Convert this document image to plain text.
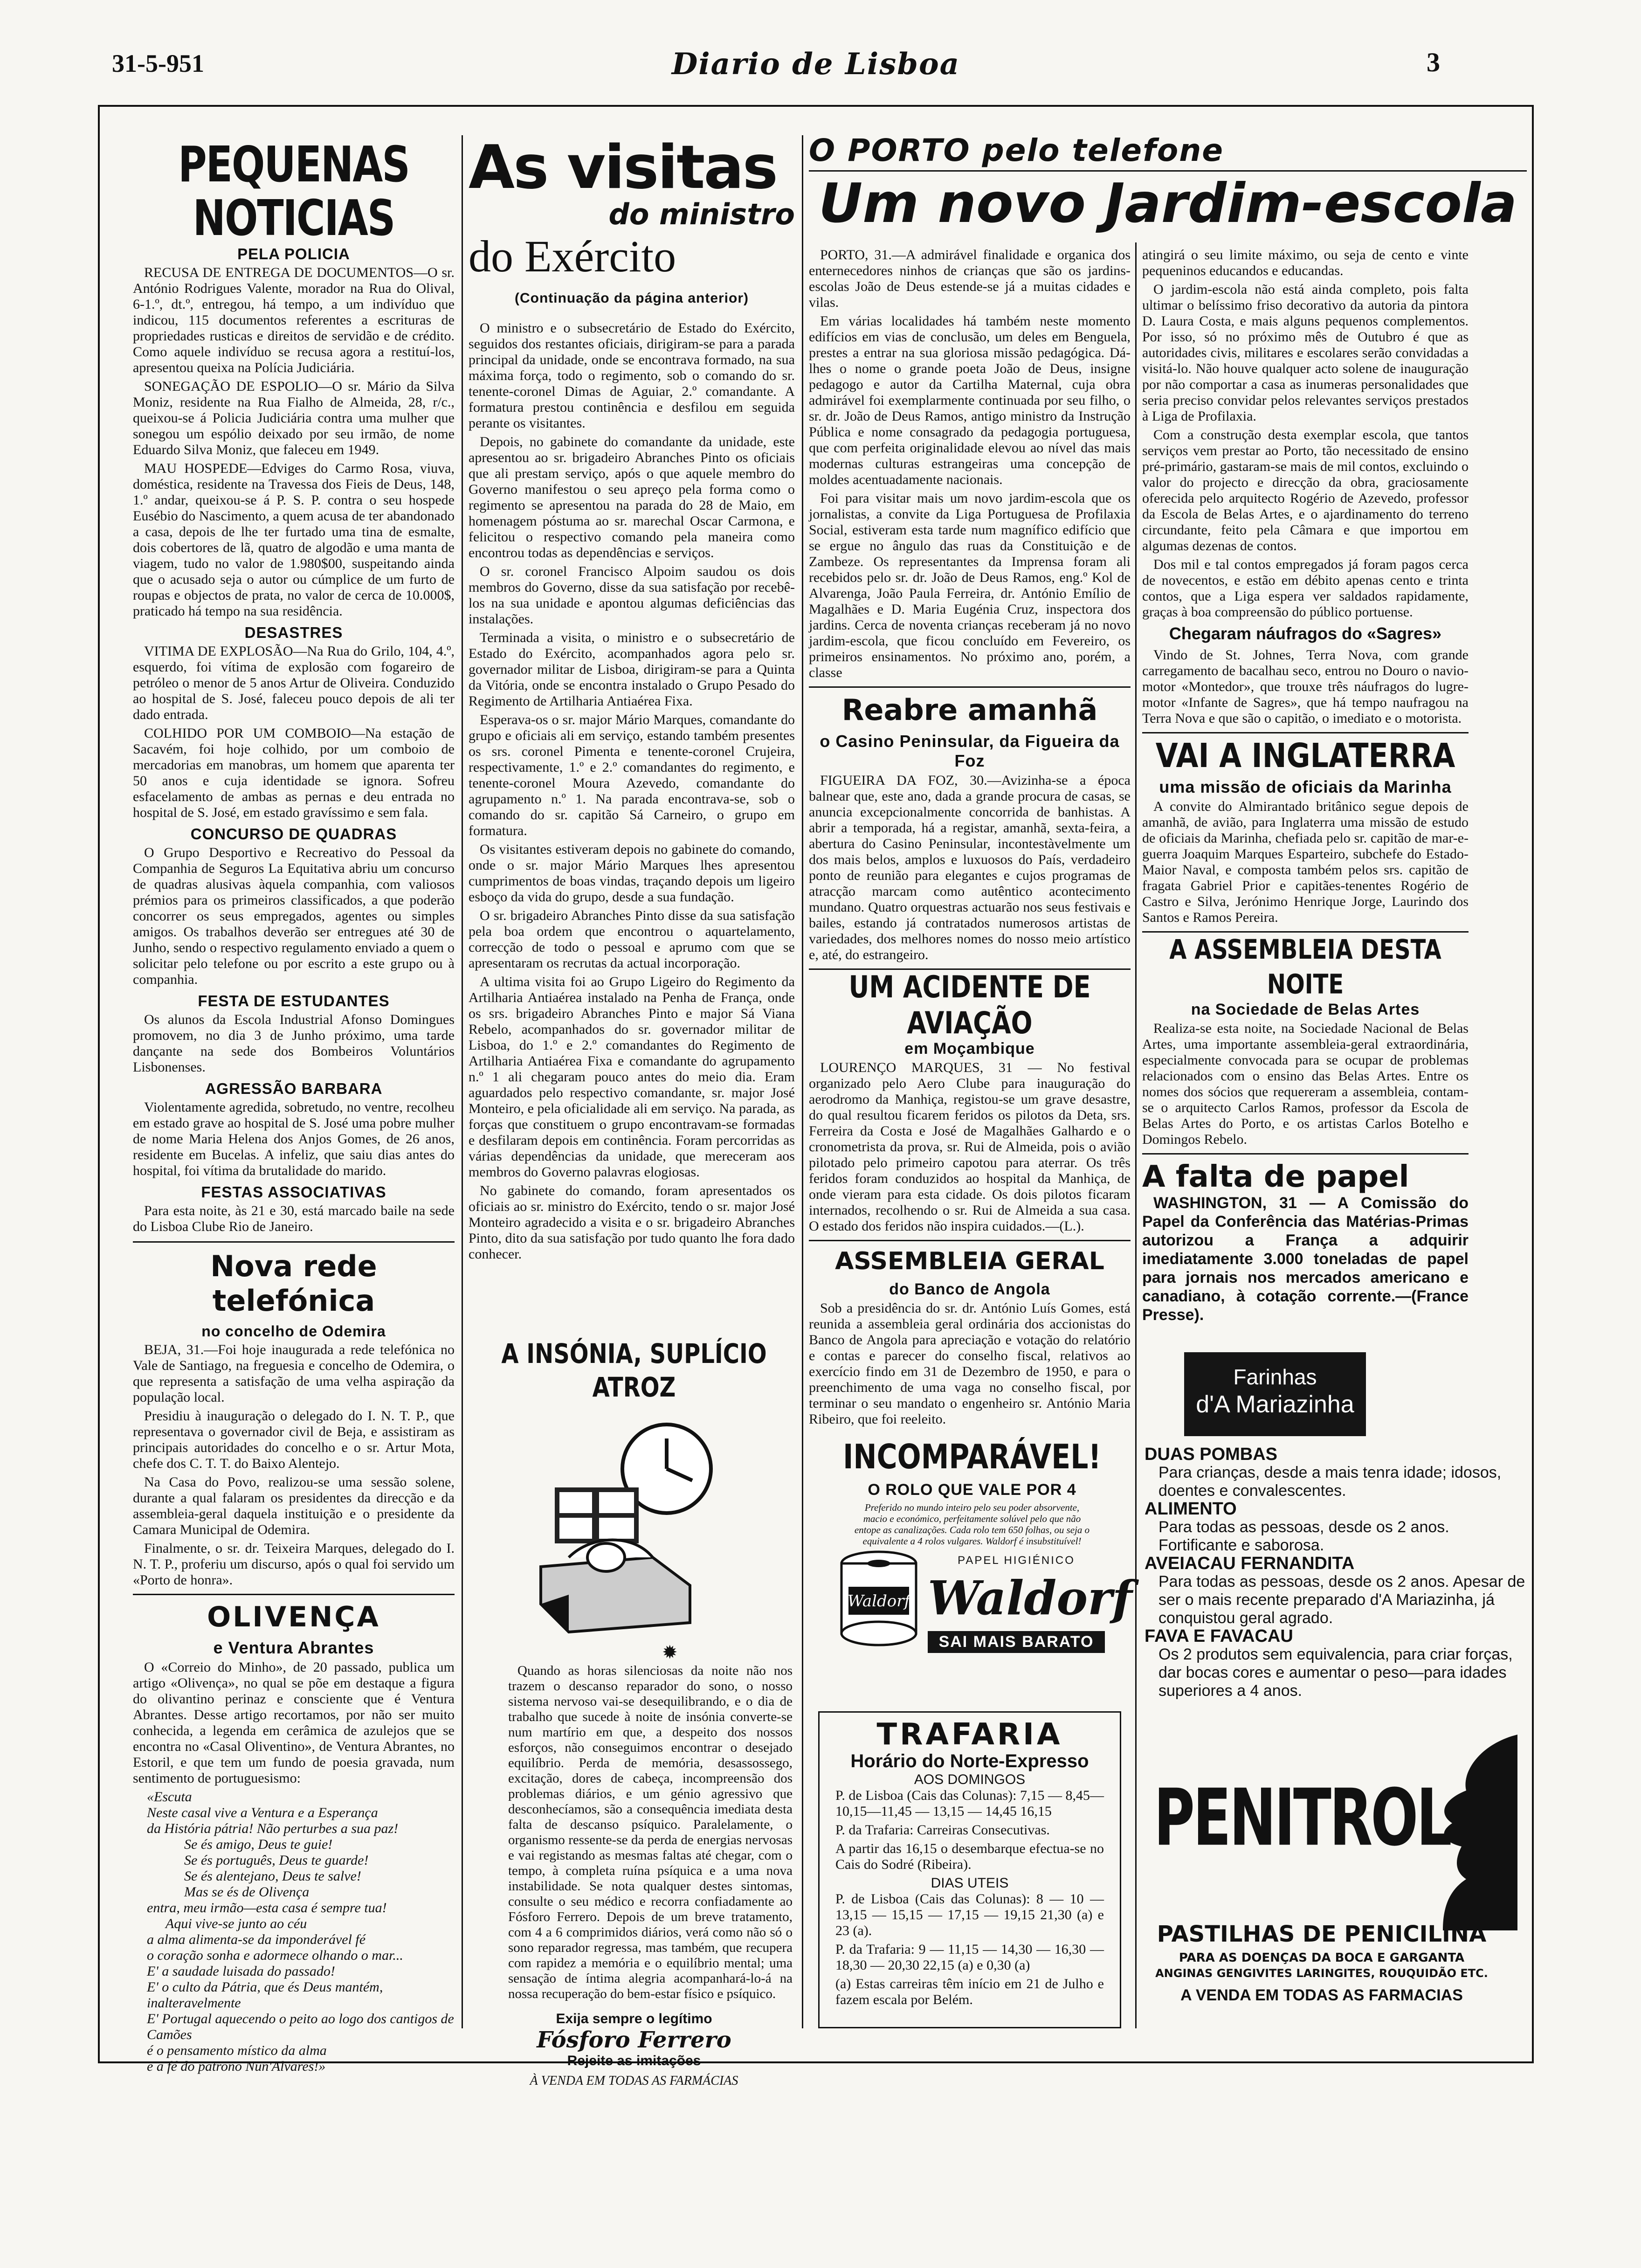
31-5-951	Diario de Lisboa	3
PEQUENAS NOTICIAS
PELA POLICIA

RECUSA DE ENTREGA DE DOCUMENTOS—O sr. António Rodrigues Valente, morador na Rua do Olival, 6-1.º, dt.º, entregou, há tempo, a um indivíduo que indicou, 115 documentos referentes a escrituras de propriedades rusticas e direitos de servidão e de crédito. Como aquele indivíduo se recusa agora a restituí-los, apresentou queixa na Polícia Judiciária.

SONEGAÇÃO DE ESPOLIO—O sr. Mário da Silva Moniz, residente na Rua Fialho de Almeida, 28, r/c., queixou-se á Policia Judiciária contra uma mulher que sonegou um espólio deixado por seu irmão, de nome Eduardo Silva Moniz, que faleceu em 1949.

MAU HOSPEDE—Edviges do Carmo Rosa, viuva, doméstica, residente na Travessa dos Fieis de Deus, 148, 1.º andar, queixou-se á P. S. P. contra o seu hospede Eusébio do Nascimento, a quem acusa de ter abandonado a casa, depois de lhe ter furtado uma tina de esmalte, dois cobertores de lã, quatro de algodão e uma manta de viagem, tudo no valor de 1.980$00, suspeitando ainda que o acusado seja o autor ou cúmplice de um furto de roupas e objectos de prata, no valor de cerca de 10.000$, praticado há tempo na sua residência.

DESASTRES

VITIMA DE EXPLOSÃO—Na Rua do Grilo, 104, 4.º, esquerdo, foi vítima de explosão com fogareiro de petróleo o menor de 5 anos Artur de Oliveira. Conduzido ao hospital de S. José, faleceu pouco depois de ali ter dado entrada.

COLHIDO POR UM COMBOIO—Na estação de Sacavém, foi hoje colhido, por um comboio de mercadorias em manobras, um homem que aparenta ter 50 anos e cuja identidade se ignora. Sofreu esfacelamento de ambas as pernas e deu entrada no hospital de S. José, em estado gravíssimo e sem fala.

CONCURSO DE QUADRAS

O Grupo Desportivo e Recreativo do Pessoal da Companhia de Seguros La Equitativa abriu um concurso de quadras alusivas àquela companhia, com valiosos prémios para os primeiros classificados, a que poderão concorrer os seus empregados, agentes ou simples amigos. Os trabalhos deverão ser entregues até 30 de Junho, sendo o respectivo regulamento enviado a quem o solicitar pelo telefone ou por escrito a este grupo ou à companhia.

FESTA DE ESTUDANTES

Os alunos da Escola Industrial Afonso Domingues promovem, no dia 3 de Junho próximo, uma tarde dançante na sede dos Bombeiros Voluntários Lisbonenses.

AGRESSÃO BARBARA

Violentamente agredida, sobretudo, no ventre, recolheu em estado grave ao hospital de S. José uma pobre mulher de nome Maria Helena dos Anjos Gomes, de 26 anos, residente em Bucelas. A infeliz, que saiu dias antes do hospital, foi vítima da brutalidade do marido.

FESTAS ASSOCIATIVAS

Para esta noite, às 21 e 30, está marcado baile na sede do Lisboa Clube Rio de Janeiro.

Nova rede telefónica
no concelho de Odemira

BEJA, 31.—Foi hoje inaugurada a rede telefónica no Vale de Santiago, na freguesia e concelho de Odemira, o que representa a satisfação de uma velha aspiração da população local.

Presidiu à inauguração o delegado do I. N. T. P., que representava o governador civil de Beja, e assistiram as principais autoridades do concelho e o sr. Artur Mota, chefe dos C. T. T. do Baixo Alentejo.

Na Casa do Povo, realizou-se uma sessão solene, durante a qual falaram os presidentes da direcção e da assembleia-geral daquela instituição e o presidente da Camara Municipal de Odemira.

Finalmente, o sr. dr. Teixeira Marques, delegado do I. N. T. P., proferiu um discurso, após o qual foi servido um «Porto de honra».

OLIVENÇA
e Ventura Abrantes

O «Correio do Minho», de 20 passado, publica um artigo «Olivença», no qual se põe em destaque a figura do olivantino perinaz e consciente que é Ventura Abrantes. Desse artigo recortamos, por não ser muito conhecida, a legenda em cerâmica de azulejos que se encontra no «Casal Oliventino», de Ventura Abrantes, no Estoril, e que tem um fundo de poesia gravada, num sentimento de portuguesismo:

«Escuta

Neste casal vive a Ventura e a Esperança

da História pátria! Não perturbes a sua paz!

Se és amigo, Deus te guie!

Se és português, Deus te guarde!

Se és alentejano, Deus te salve!

Mas se és de Olivença

entra, meu irmão—esta casa é sempre tua!

Aqui vive-se junto ao céu

a alma alimenta-se da imponderável fé

o coração sonha e adormece olhando o mar...

E' a saudade luisada do passado!

E' o culto da Pátria, que és Deus mantém, inalteravelmente

E' Portugal aquecendo o peito ao logo dos cantigos de Camões

é o pensamento místico da alma

e a fé do patrono Nun'Alvares!»

As visitas
do ministro
do Exército
(Continuação da página anterior)

O ministro e o subsecretário de Estado do Exército, seguidos dos restantes oficiais, dirigiram-se para a parada principal da unidade, onde se encontrava formado, na sua máxima força, todo o regimento, sob o comando do sr. tenente-coronel Dimas de Aguiar, 2.º comandante. A formatura prestou continência e desfilou em seguida perante os visitantes.

Depois, no gabinete do comandante da unidade, este apresentou ao sr. brigadeiro Abranches Pinto os oficiais que ali prestam serviço, após o que aquele membro do Governo manifestou o seu apreço pela forma como o regimento se apresentou na parada do 28 de Maio, em homenagem póstuma ao sr. marechal Oscar Carmona, e felicitou o respectivo comando pela maneira como encontrou todas as dependências e serviços.

O sr. coronel Francisco Alpoim saudou os dois membros do Governo, disse da sua satisfação por recebê-los na sua unidade e apontou algumas deficiências das instalações.

Terminada a visita, o ministro e o subsecretário de Estado do Exército, acompanhados agora pelo sr. governador militar de Lisboa, dirigiram-se para a Quinta da Vitória, onde se encontra instalado o Grupo Pesado do Regimento de Artilharia Antiaérea Fixa.

Esperava-os o sr. major Mário Marques, comandante do grupo e oficiais ali em serviço, estando também presentes os srs. coronel Pimenta e tenente-coronel Crujeira, respectivamente, 1.º e 2.º comandantes do regimento, e tenente-coronel Moura Azevedo, comandante do agrupamento n.º 1. Na parada encontrava-se, sob o comando do sr. capitão Sá Carneiro, o grupo em formatura.

Os visitantes estiveram depois no gabinete do comando, onde o sr. major Mário Marques lhes apresentou cumprimentos de boas vindas, traçando depois um ligeiro esboço da vida do grupo, desde a sua fundação.

O sr. brigadeiro Abranches Pinto disse da sua satisfação pela boa ordem que encontrou o aquartelamento, correcção de todo o pessoal e aprumo com que se apresentaram os recrutas da actual incorporação.

A ultima visita foi ao Grupo Ligeiro do Regimento da Artilharia Antiaérea instalado na Penha de França, onde os srs. brigadeiro Abranches Pinto e major Sá Viana Rebelo, acompanhados do sr. governador militar de Lisboa, do 1.º e 2.º comandantes do Regimento de Artilharia Antiaérea Fixa e comandante do agrupamento n.º 1 ali chegaram pouco antes do meio dia. Eram aguardados pelo respectivo comandante, sr. major José Monteiro, e pela oficialidade ali em serviço. Na parada, as forças que constituem o grupo encontravam-se formadas e desfilaram depois em continência. Foram percorridas as várias dependências da unidade, que mereceram aos membros do Governo palavras elogiosas.

No gabinete do comando, foram apresentados os oficiais ao sr. ministro do Exército, tendo o sr. major José Monteiro agradecido a visita e o sr. brigadeiro Abranches Pinto, dito da sua satisfação por tudo quanto lhe fora dado conhecer.

A INSÓNIA, SUPLÍCIO ATROZ
✹

Quando as horas silenciosas da noite não nos trazem o descanso reparador do sono, o nosso sistema nervoso vai-se desequilibrando, e o dia de trabalho que sucede à noite de insónia converte-se num martírio em que, a despeito dos nossos esforços, não conseguimos encontrar o desejado equilíbrio. Perda de memória, desassossego, excitação, dores de cabeça, incompreensão dos problemas diários, e um génio agressivo que desconhecíamos, são a consequência imediata desta falta de descanso psíquico. Paralelamente, o organismo ressente-se da perda de energias nervosas e vai registando as mesmas faltas até chegar, com o tempo, à completa ruína psíquica e a uma nova instabilidade. Se nota qualquer destes sintomas, consulte o seu médico e recorra confiadamente ao Fósforo Ferrero. Depois de um breve tratamento, com 4 a 6 comprimidos diários, verá como não só o sono reparador regressa, mas também, que recupera com rapidez a memória e o equilíbrio mental; uma sensação de íntima alegria acompanhará-lo-á na nossa recuperação do bem-estar físico e psíquico.

Exija sempre o legítimo
Fósforo Ferrero
Rejeite as imitações
À VENDA EM TODAS AS FARMÁCIAS
O PORTO pelo telefone
Um novo Jardim-escola

PORTO, 31.—A admirável finalidade e organica dos enternecedores ninhos de crianças que são os jardins-escolas João de Deus estende-se já a muitas cidades e vilas.

Em várias localidades há também neste momento edifícios em vias de conclusão, um deles em Benguela, prestes a entrar na sua gloriosa missão pedagógica. Dá-lhes o nome o grande poeta João de Deus, insigne pedagogo e autor da Cartilha Maternal, cuja obra admirável foi exemplarmente continuada por seu filho, o sr. dr. João de Deus Ramos, antigo ministro da Instrução Pública e nome consagrado da pedagogia portuguesa, que com perfeita originalidade elevou ao nível das mais modernas culturas estrangeiras uma concepção de moldes acentuadamente nacionais.

Foi para visitar mais um novo jardim-escola que os jornalistas, a convite da Liga Portuguesa de Profilaxia Social, estiveram esta tarde num magnífico edifício que se ergue no ângulo das ruas da Constituição e de Zambeze. Os representantes da Imprensa foram ali recebidos pelo sr. dr. João de Deus Ramos, eng.º Kol de Alvarenga, João Paula Ferreira, dr. António Emílio de Magalhães e D. Maria Eugénia Cruz, inspectora dos jardins. Cerca de noventa crianças receberam já no novo jardim-escola, que ficou concluído em Fevereiro, os primeiros ensinamentos. No próximo ano, porém, a classe

Reabre amanhã
o Casino Peninsular, da Figueira da Foz

FIGUEIRA DA FOZ, 30.—Avizinha-se a época balnear que, este ano, dada a grande procura de casas, se anuncia excepcionalmente concorrida de banhistas. A abrir a temporada, há a registar, amanhã, sexta-feira, a abertura do Casino Peninsular, incontestàvelmente um dos mais belos, amplos e luxuosos do País, verdadeiro ponto de reunião para elegantes e cujos programas de atracção marcam como autêntico acontecimento mundano. Quatro orquestras actuarão nos seus festivais e bailes, estando já contratados numerosos artistas de variedades, dos melhores nomes do nosso meio artístico e, até, do estrangeiro.

UM ACIDENTE DE AVIAÇÃO
em Moçambique

LOURENÇO MARQUES, 31 — No festival organizado pelo Aero Clube para inauguração do aerodromo da Manhiça, registou-se um grave desastre, do qual resultou ficarem feridos os pilotos da Deta, srs. Ferreira da Costa e José de Magalhães Galhardo e o cronometrista da prova, sr. Rui de Almeida, pois o avião pilotado pelo primeiro capotou para aterrar. Os três feridos foram conduzidos ao hospital da Manhiça, de onde vieram para esta cidade. Os dois pilotos ficaram internados, recolhendo o sr. Rui de Almeida a sua casa. O estado dos feridos não inspira cuidados.—(L.).

ASSEMBLEIA GERAL
do Banco de Angola

Sob a presidência do sr. dr. António Luís Gomes, está reunida a assembleia geral ordinária dos accionistas do Banco de Angola para apreciação e votação do relatório e contas e parecer do conselho fiscal, relativos ao exercício findo em 31 de Dezembro de 1950, e para o preenchimento de uma vaga no conselho fiscal, por terminar o seu mandato o engenheiro sr. António Maria Ribeiro, que foi reeleito.

INCOMPARÁVEL!
O ROLO QUE VALE POR 4

Preferido no mundo inteiro pelo seu poder absorvente, macio e económico, perfeitamente solúvel pelo que não entope as canalizações. Cada rolo tem 650 folhas, ou seja o equivalente a 4 rolos vulgares. Waldorf é insubstituível!

Waldorf
PAPEL HIGIÉNICO
Waldorf
SAI MAIS BARATO
TRAFARIA
Horário do Norte-Expresso
AOS DOMINGOS

P. de Lisboa (Cais das Colunas): 7,15 — 8,45—10,15—11,45 — 13,15 — 14,45 16,15

P. da Trafaria: Carreiras Consecutivas.

A partir das 16,15 o desembarque efectua-se no Cais do Sodré (Ribeira).

DIAS UTEIS

P. de Lisboa (Cais das Colunas): 8 — 10 — 13,15 — 15,15 — 17,15 — 19,15 21,30 (a) e 23 (a).

P. da Trafaria: 9 — 11,15 — 14,30 — 16,30 — 18,30 — 20,30 22,15 (a) e 0,30 (a)

(a) Estas carreiras têm início em 21 de Julho e fazem escala por Belém.

atingirá o seu limite máximo, ou seja de cento e vinte pequeninos educandos e educandas.

O jardim-escola não está ainda completo, pois falta ultimar o belíssimo friso decorativo da autoria da pintora D. Laura Costa, e mais alguns pequenos complementos. Por isso, só no próximo mês de Outubro é que as autoridades civis, militares e escolares serão convidadas a visitá-lo. Não houve qualquer acto solene de inauguração por não comportar a casa as inumeras personalidades que seria preciso convidar pelos relevantes serviços prestados à Liga de Profilaxia.

Com a construção desta exemplar escola, que tantos serviços vem prestar ao Porto, tão necessitado de ensino pré-primário, gastaram-se mais de mil contos, excluindo o valor do projecto e direcção da obra, graciosamente oferecida pelo arquitecto Rogério de Azevedo, professor da Escola de Belas Artes, e o ajardinamento do terreno circundante, feito pela Câmara e que importou em algumas dezenas de contos.

Dos mil e tal contos empregados já foram pagos cerca de novecentos, e estão em débito apenas cento e trinta contos, que a Liga espera ver saldados rapidamente, graças à boa compreensão do público portuense.

Chegaram náufragos do «Sagres»

Vindo de St. Johnes, Terra Nova, com grande carregamento de bacalhau seco, entrou no Douro o navio-motor «Montedor», que trouxe três náufragos do lugre-motor «Infante de Sagres», que há tempo naufragou na Terra Nova e que são o capitão, o imediato e o motorista.

VAI A INGLATERRA
uma missão de oficiais da Marinha

A convite do Almirantado britânico segue depois de amanhã, de avião, para Inglaterra uma missão de estudo de oficiais da Marinha, chefiada pelo sr. capitão de mar-e-guerra Joaquim Marques Esparteiro, subchefe do Estado-Maior Naval, e composta também pelos srs. capitão de fragata Gabriel Prior e capitães-tenentes Rogério de Castro e Silva, Jerónimo Henrique Jorge, Laurindo dos Santos e Ramos Pereira.

A ASSEMBLEIA DESTA NOITE
na Sociedade de Belas Artes

Realiza-se esta noite, na Sociedade Nacional de Belas Artes, uma importante assembleia-geral extraordinária, especialmente convocada para se ocupar de problemas relacionados com o ensino das Belas Artes. Entre os nomes dos sócios que requereram a assembleia, contam-se o arquitecto Carlos Ramos, professor da Escola de Belas Artes do Porto, e os artistas Carlos Botelho e Domingos Rebelo.

A falta de papel

WASHINGTON, 31 — A Comissão do Papel da Conferência das Matérias-Primas autorizou a França a adquirir imediatamente 3.000 toneladas de papel para jornais nos mercados americano e canadiano, à cotação corrente.—(France Presse).

Farinhas
d'A Mariazinha
DUAS POMBAS
Para crianças, desde a mais tenra idade; idosos, doentes e convalescentes.
ALIMENTO
Para todas as pessoas, desde os 2 anos. Fortificante e saborosa.
AVEIACAU FERNANDITA
Para todas as pessoas, desde os 2 anos. Apesar de ser o mais recente preparado d'A Mariazinha, já conquistou geral agrado.
FAVA E FAVACAU
Os 2 produtos sem equivalencia, para criar forças, dar bocas cores e aumentar o peso—para idades superiores a 4 anos.
PENITROL
PASTILHAS DE PENICILINA
PARA AS DOENÇAS DA BOCA E GARGANTA
ANGINAS GENGIVITES LARINGITES, ROUQUIDÃO ETC.
A VENDA EM TODAS AS FARMACIAS
